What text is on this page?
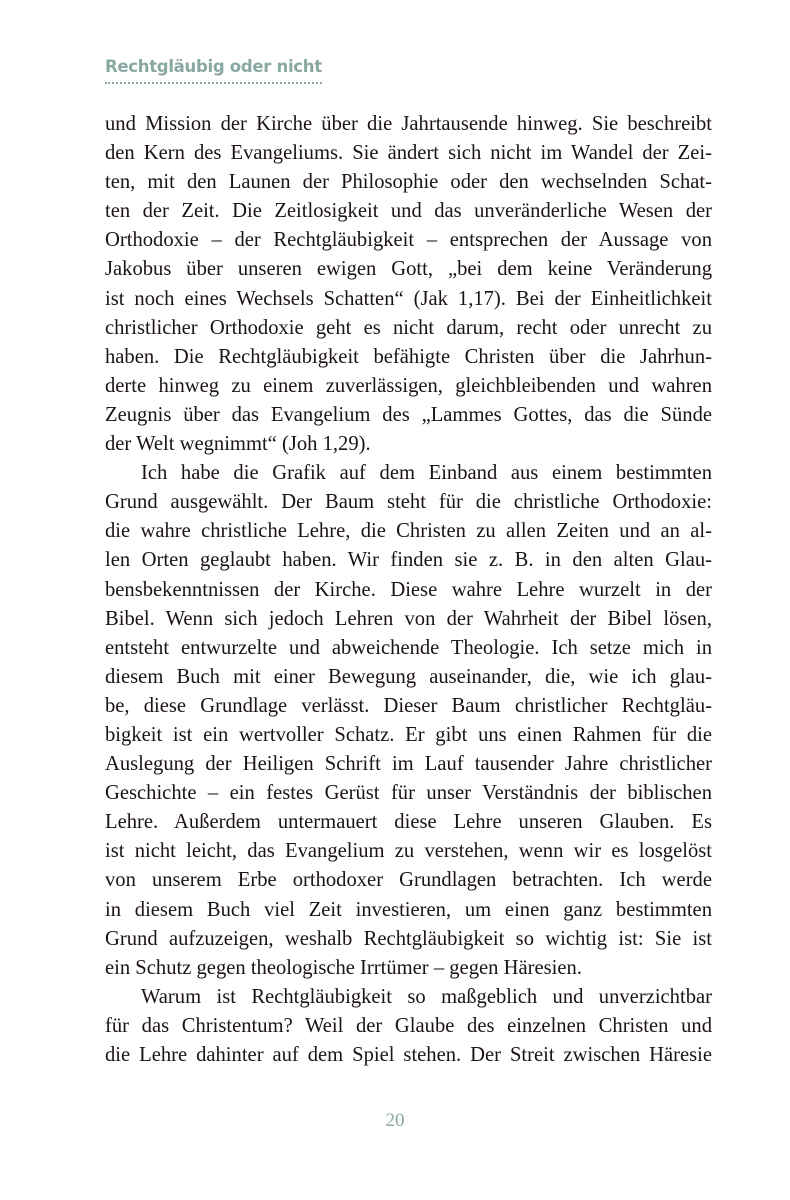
Rechtgläubig oder nicht

und Mission der Kirche über die Jahrtausende hinweg. Sie beschreibt
den Kern des Evangeliums. Sie ändert sich nicht im Wandel der Zei-
ten, mit den Launen der Philosophie oder den wechselnden Schat-
ten der Zeit. Die Zeitlosigkeit und das unveränderliche Wesen der
Orthodoxie – der Rechtgläubigkeit – entsprechen der Aussage von
Jakobus über unseren ewigen Gott, „bei dem keine Veränderung
ist noch eines Wechsels Schatten“ (Jak 1,17). Bei der Einheitlichkeit
christlicher Orthodoxie geht es nicht darum, recht oder unrecht zu
haben. Die Rechtgläubigkeit befähigte Christen über die Jahrhun-
derte hinweg zu einem zuverlässigen, gleichbleibenden und wahren
Zeugnis über das Evangelium des „Lammes Gottes, das die Sünde
der Welt wegnimmt“ (Joh 1,29).

Ich habe die Grafik auf dem Einband aus einem bestimmten
Grund ausgewählt. Der Baum steht für die christliche Orthodoxie:
die wahre christliche Lehre, die Christen zu allen Zeiten und an al-
len Orten geglaubt haben. Wir finden sie z. B. in den alten Glau-
bensbekenntnissen der Kirche. Diese wahre Lehre wurzelt in der
Bibel. Wenn sich jedoch Lehren von der Wahrheit der Bibel lösen,
entsteht entwurzelte und abweichende Theologie. Ich setze mich in
diesem Buch mit einer Bewegung auseinander, die, wie ich glau-
be, diese Grundlage verlässt. Dieser Baum christlicher Rechtgläu-
bigkeit ist ein wertvoller Schatz. Er gibt uns einen Rahmen für die
Auslegung der Heiligen Schrift im Lauf tausender Jahre christlicher
Geschichte – ein festes Gerüst für unser Verständnis der biblischen
Lehre. Außerdem untermauert diese Lehre unseren Glauben. Es
ist nicht leicht, das Evangelium zu verstehen, wenn wir es losgelöst
von unserem Erbe orthodoxer Grundlagen betrachten. Ich werde
in diesem Buch viel Zeit investieren, um einen ganz bestimmten
Grund aufzuzeigen, weshalb Rechtgläubigkeit so wichtig ist: Sie ist
ein Schutz gegen theologische Irrtümer – gegen Häresien.

Warum ist Rechtgläubigkeit so maßgeblich und unverzichtbar
für das Christentum? Weil der Glaube des einzelnen Christen und
die Lehre dahinter auf dem Spiel stehen. Der Streit zwischen Häresie

20
